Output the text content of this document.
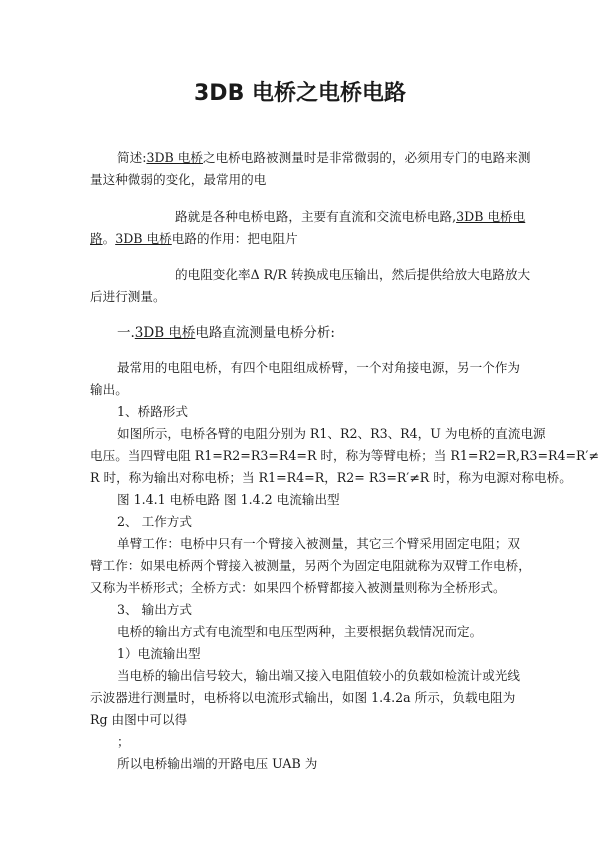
3DB 电桥之电桥电路

简述:3DB 电桥之电桥电路被测量时是非常微弱的，必须用专门的电路来测

量这种微弱的变化，最常用的电

路就是各种电桥电路，主要有直流和交流电桥电路,3DB 电桥电

路。3DB 电桥电路的作用：把电阻片

的电阻变化率Δ R/R 转换成电压输出，然后提供给放大电路放大

后进行测量。

一.3DB 电桥电路直流测量电桥分析:

最常用的电阻电桥，有四个电阻组成桥臂，一个对角接电源，另一个作为

输出。

1、桥路形式

如图所示，电桥各臂的电阻分别为 R1、R2、R3、R4，U 为电桥的直流电源

电压。当四臂电阻 R1=R2=R3=R4=R 时，称为等臂电桥；当 R1=R2=R,R3=R4=R′≠

R 时，称为输出对称电桥；当 R1=R4=R，R2= R3=R′≠R 时，称为电源对称电桥。

图 1.4.1 电桥电路 图 1.4.2 电流输出型

2、 工作方式

单臂工作：电桥中只有一个臂接入被测量，其它三个臂采用固定电阻；双

臂工作：如果电桥两个臂接入被测量，另两个为固定电阻就称为双臂工作电桥，

又称为半桥形式；全桥方式：如果四个桥臂都接入被测量则称为全桥形式。

3、 输出方式

电桥的输出方式有电流型和电压型两种，主要根据负载情况而定。

1）电流输出型

当电桥的输出信号较大，输出端又接入电阻值较小的负载如检流计或光线

示波器进行测量时，电桥将以电流形式输出，如图 1.4.2a 所示，负载电阻为

Rg 由图中可以得

；

所以电桥输出端的开路电压 UAB 为
